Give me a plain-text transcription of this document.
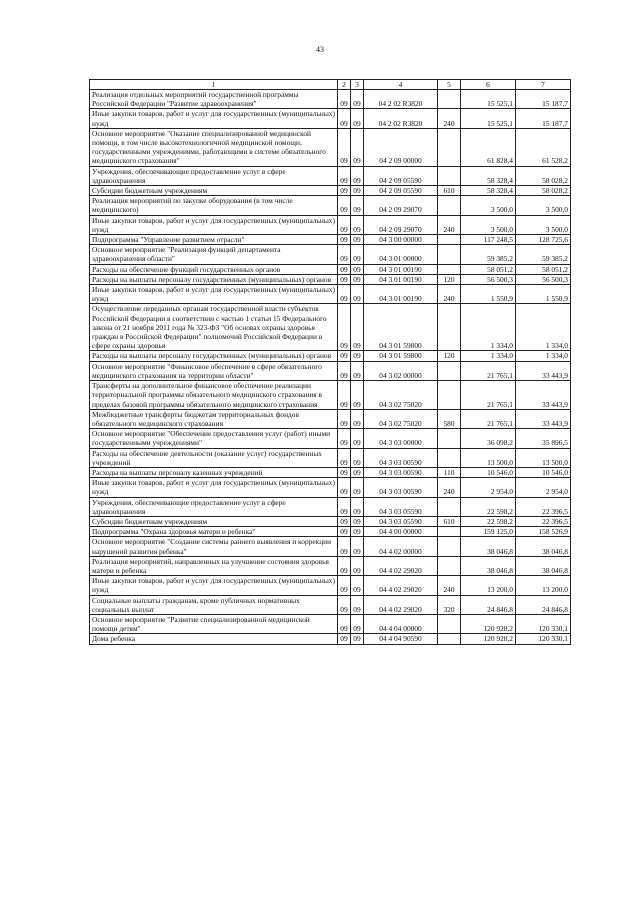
43
1	2	3	4	5	6	7
Реализация отдельных мероприятий государственной программы Российской Федерации "Развитие здравоохранения"	09	09	04 2 02 R3820		15 525,1	15 187,7
Иные закупки товаров, работ и услуг для государственных (муниципальных) нужд	09	09	04 2 02 R3820	240	15 525,1	15 187,7
Основное мероприятие "Оказание специализированной медицинской помощи, в том числе высокотехнологичной медицинской помощи, государственными учреждениями, работающими в системе обязательного медицинского страхования"	09	09	04 2 09 00000		61 828,4	61 528,2
Учреждения, обеспечивающие предоставление услуг в сфере здравоохранения	09	09	04 2 09 05590		58 328,4	58 028,2
Субсидии бюджетным учреждениям	09	09	04 2 09 05590	610	58 328,4	58 028,2
Реализация мероприятий по закупке оборудования (в том числе медицинского)	09	09	04 2 09 29070		3 500,0	3 500,0
Иные закупки товаров, работ и услуг для государственных (муниципальных) нужд	09	09	04 2 09 29070	240	3 500,0	3 500,0
Подпрограмма "Управление развитием отрасли"	09	09	04 3 00 00000		117 248,5	128 725,6
Основное мероприятие "Реализация функций департамента здравоохранения области"	09	09	04 3 01 00000		59 385,2	59 385,2
Расходы на обеспечение функций государственных органов	09	09	04 3 01 00190		58 051,2	58 051,2
Расходы на выплаты персоналу государственных (муниципальных) органов	09	09	04 3 01 00190	120	56 500,3	56 500,3
Иные закупки товаров, работ и услуг для государственных (муниципальных) нужд	09	09	04 3 01 00190	240	1 550,9	1 550,9
Осуществление переданных органам государственной власти субъектов Российской Федерации в соответствии с частью 1 статьи 15 Федерального закона от 21 ноября 2011 года № 323-ФЗ "Об основах охраны здоровья граждан в Российской Федерации" полномочий Российской Федерации в сфере охраны здоровья	09	09	04 3 01 59800		1 334,0	1 334,0
Расходы на выплаты персоналу государственных (муниципальных) органов	09	09	04 3 01 59800	120	1 334,0	1 334,0
Основное мероприятие "Финансовое обеспечение в сфере обязательного медицинского страхования на территории области"	09	09	04 3 02 00000		21 765,1	33 443,9
Трансферты на дополнительное финансовое обеспечение реализации территориальной программы обязательного медицинского страхования в пределах базовой программы обязательного медицинского страхования	09	09	04 3 02 75020		21 765,1	33 443,9
Межбюджетные трансферты бюджетам территориальных фондов обязательного медицинского страхования	09	09	04 3 02 75020	580	21 765,1	33 443,9
Основное мероприятие "Обеспечение предоставления услуг (работ) иными государственными учреждениями"	09	09	04 3 03 00000		36 098,2	35 896,5
Расходы на обеспечение деятельности (оказание услуг) государственных учреждений	09	09	04 3 03 00590		13 500,0	13 500,0
Расходы на выплаты персоналу казенных учреждений	09	09	04 3 03 00590	110	10 546,0	10 546,0
Иные закупки товаров, работ и услуг для государственных (муниципальных) нужд	09	09	04 3 03 00590	240	2 954,0	2 954,0
Учреждения, обеспечивающие предоставление услуг в сфере здравоохранения	09	09	04 3 03 05590		22 598,2	22 396,5
Субсидии бюджетным учреждениям	09	09	04 3 03 05590	610	22 598,2	22 396,5
Подпрограмма "Охрана здоровья матери и ребенка"	09	09	04 4 00 00000		159 125,0	158 526,9
Основное мероприятие "Создание системы раннего выявления и коррекции нарушений развития ребенка"	09	09	04 4 02 00000		38 046,8	38 046,8
Реализация мероприятий, направленных на улучшение состояния здоровья матери и ребенка	09	09	04 4 02 29020		38 046,8	38 046,8
Иные закупки товаров, работ и услуг для государственных (муниципальных) нужд	09	09	04 4 02 29020	240	13 200,0	13 200,0
Социальные выплаты гражданам, кроме публичных нормативных социальных выплат	09	09	04 4 02 29020	320	24 846,8	24 846,8
Основное мероприятие "Развитие специализированной медицинской помощи детям"	09	09	04 4 04 00000		120 928,2	120 330,1
Дома ребенка	09	09	04 4 04 90590		120 928,2	120 330,1
